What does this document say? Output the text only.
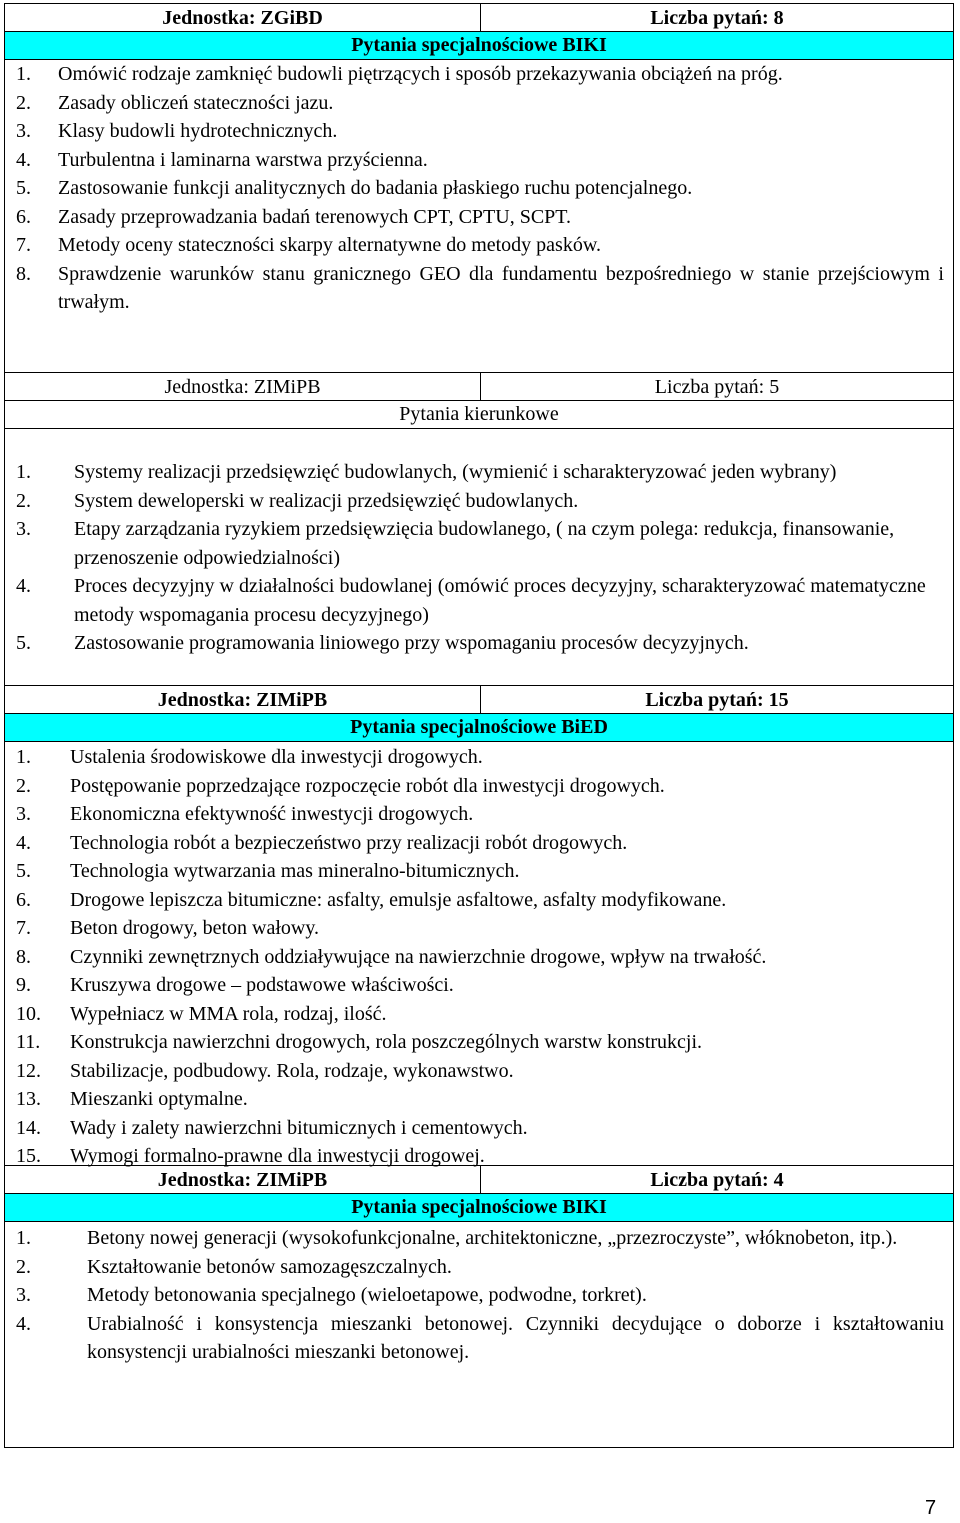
Jednostka: ZGiBD	Liczba pytań: 8
Pytania specjalnościowe BIKI
1.	Omówić rodzaje zamknięć budowli piętrzących i sposób przekazywania obciążeń na próg.
2.	Zasady obliczeń stateczności jazu.
3.	Klasy budowli hydrotechnicznych.
4.	Turbulentna i laminarna warstwa przyścienna.
5.	Zastosowanie funkcji analitycznych do badania płaskiego ruchu potencjalnego.
6.	Zasady przeprowadzania badań terenowych CPT, CPTU, SCPT.
7.	Metody oceny stateczności skarpy alternatywne do metody pasków.
8.	Sprawdzenie warunków stanu granicznego GEO dla fundamentu bezpośredniego w stanie przejściowym i trwałym.
Jednostka: ZIMiPB	Liczba pytań: 5
Pytania kierunkowe
1.	Systemy realizacji przedsięwzięć budowlanych, (wymienić i scharakteryzować jeden wybrany)
2.	System deweloperski w realizacji przedsięwzięć budowlanych.
3.	Etapy zarządzania ryzykiem przedsięwzięcia budowlanego, ( na czym polega: redukcja, finansowanie, przenoszenie odpowiedzialności)
4.	Proces decyzyjny w działalności budowlanej (omówić proces decyzyjny, scharakteryzować matematyczne metody wspomagania procesu decyzyjnego)
5.	Zastosowanie programowania liniowego przy wspomaganiu procesów decyzyjnych.
Jednostka: ZIMiPB	Liczba pytań: 15
Pytania specjalnościowe BiED
1.	Ustalenia środowiskowe dla inwestycji drogowych.
2.	Postępowanie poprzedzające rozpoczęcie robót dla inwestycji drogowych.
3.	Ekonomiczna efektywność inwestycji drogowych.
4.	Technologia robót a bezpieczeństwo przy realizacji robót drogowych.
5.	Technologia wytwarzania mas mineralno-bitumicznych.
6.	Drogowe lepiszcza bitumiczne: asfalty, emulsje asfaltowe, asfalty modyfikowane.
7.	Beton drogowy, beton wałowy.
8.	Czynniki zewnętrznych oddziaływujące na nawierzchnie drogowe, wpływ na trwałość.
9.	Kruszywa drogowe – podstawowe właściwości.
10.	Wypełniacz w MMA rola, rodzaj, ilość.
11.	Konstrukcja nawierzchni drogowych, rola poszczególnych warstw konstrukcji.
12.	Stabilizacje, podbudowy. Rola, rodzaje, wykonawstwo.
13.	Mieszanki optymalne.
14.	Wady i zalety nawierzchni bitumicznych i cementowych.
15.	Wymogi formalno-prawne dla inwestycji drogowej.
Jednostka: ZIMiPB	Liczba pytań: 4
Pytania specjalnościowe BIKI
1.	Betony nowej generacji (wysokofunkcjonalne, architektoniczne, „przezroczyste”, włóknobeton, itp.).
2.	Kształtowanie betonów samozagęszczalnych.
3.	Metody betonowania specjalnego (wieloetapowe, podwodne, torkret).
4.	Urabialność i konsystencja mieszanki betonowej. Czynniki decydujące o doborze i kształtowaniu konsystencji urabialności mieszanki betonowej.
7
